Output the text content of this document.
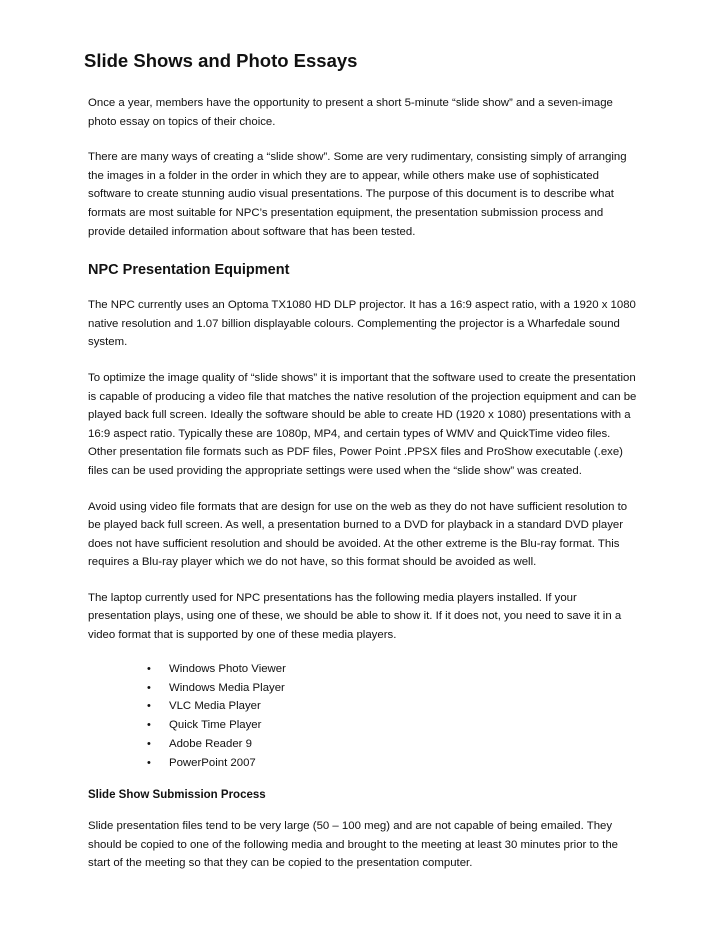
Slide Shows and Photo Essays

Once a year, members have the opportunity to present a short 5-minute “slide show” and a seven-image photo essay on topics of their choice.

There are many ways of creating a “slide show”. Some are very rudimentary, consisting simply of arranging the images in a folder in the order in which they are to appear, while others make use of sophisticated software to create stunning audio visual presentations. The purpose of this document is to describe what formats are most suitable for NPC’s presentation equipment, the presentation submission process and provide detailed information about software that has been tested.

NPC Presentation Equipment

The NPC currently uses an Optoma TX1080 HD DLP projector. It has a 16:9 aspect ratio, with a 1920 x 1080 native resolution and 1.07 billion displayable colours. Complementing the projector is a Wharfedale sound system.

To optimize the image quality of “slide shows” it is important that the software used to create the presentation is capable of producing a video file that matches the native resolution of the projection equipment and can be played back full screen. Ideally the software should be able to create HD (1920 x 1080) presentations with a 16:9 aspect ratio. Typically these are 1080p, MP4, and certain types of WMV and QuickTime video files. Other presentation file formats such as PDF files, Power Point .PPSX files and ProShow executable (.exe) files can be used providing the appropriate settings were used when the “slide show” was created.

Avoid using video file formats that are design for use on the web as they do not have sufficient resolution to be played back full screen. As well, a presentation burned to a DVD for playback in a standard DVD player does not have sufficient resolution and should be avoided. At the other extreme is the Blu-ray format. This requires a Blu-ray player which we do not have, so this format should be avoided as well.

The laptop currently used for NPC presentations has the following media players installed. If your presentation plays, using one of these, we should be able to show it. If it does not, you need to save it in a video format that is supported by one of these media players.

• Windows Photo Viewer
• Windows Media Player
• VLC Media Player
• Quick Time Player
• Adobe Reader 9
• PowerPoint 2007
Slide Show Submission Process

Slide presentation files tend to be very large (50 – 100 meg) and are not capable of being emailed. They should be copied to one of the following media and brought to the meeting at least 30 minutes prior to the start of the meeting so that they can be copied to the presentation computer.
